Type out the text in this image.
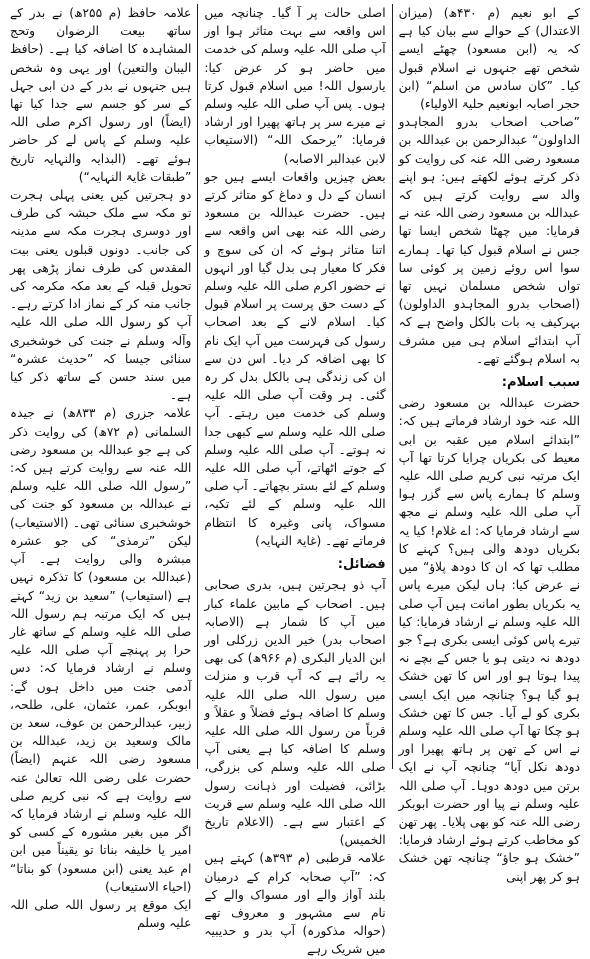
کے ابو نعیم (م ۴۳۰ھ) (میزان الاعتدال) کے حوالے سے بیان کیا ہے کہ یہ (ابن مسعود) چھٹے ایسے شخص تھے جنہوں نے اسلام قبول کیا۔ ”کان سادس من اسلم“ (ابن حجر اصابہ ابونعیم حلیۃ الاولیاء)

”صاحب اصحاب بدرو المجاہدو الداولون“ عبدالرحمن بن عبداللہ بن مسعود رضی اللہ عنہ کی روایت کو ذکر کرتے ہوئے لکھتے ہیں: ہو اپنے والد سے روایت کرتے ہیں کہ عبداللہ بن مسعود رضی اللہ عنہ نے فرمایا: میں چھٹا شخص ایسا تھا جس نے اسلام قبول کیا تھا۔ ہمارے سوا اس روئے زمین پر کوئی سا تواں شخص مسلمان نہیں تھا (اصحاب بدرو المجاہدو الداولون) بہرکیف یہ بات بالکل واضح ہے کہ آپ ابتدائے اسلام ہی میں مشرف بہ اسلام ہوگئے تھے۔

سبب اسلام:

حضرت عبداللہ بن مسعود رضی اللہ عنہ خود ارشاد فرماتے ہیں کہ: ”ابتدائے اسلام میں عقبہ بن ابی معیط کی بکریاں چرایا کرتا تھا آپ ایک مرتبہ نبی کریم صلی اللہ علیہ وسلم کا ہمارے پاس سے گزر ہوا آپ صلی اللہ علیہ وسلم نے مجھ سے ارشاد فرمایا کہ: اے غلام! کیا یہ بکریاں دودھ والی ہیں؟ کہنے کا مطلب تھا کہ ان کا دودھ پلاؤ“ میں نے عرض کیا: ہاں لیکن میرے پاس یہ بکریاں بطور امانت ہیں آپ صلی اللہ علیہ وسلم نے ارشاد فرمایا: کیا تیرے پاس کوئی ایسی بکری ہے؟ جو دودھ نہ دیتی ہو یا جس کے بچے نہ پیدا ہوتا ہو اور اس کا تھن خشک ہو گیا ہو؟ چنانچہ میں ایک ایسی بکری کو لے آیا۔ جس کا تھن خشک ہو چکا تھا آپ صلی اللہ علیہ وسلم نے اس کے تھن پر ہاتھ پھیرا اور دودھ نکل آیا“ چنانچہ آپ نے ایک برتن میں دودھ دوہا۔ آپ صلی اللہ علیہ وسلم نے پیا اور حضرت ابوبکر رضی اللہ عنہ کو بھی پلایا۔ پھر تھن کو مخاطب کرتے ہوئے ارشاد فرمایا: ”خشک ہو جاؤ“ چنانچہ تھن خشک ہو کر پھر اپنی

اصلی حالت پر آ گیا۔ چنانچہ میں اس واقعہ سے بہت متاثر ہوا اور آپ صلی اللہ علیہ وسلم کی خدمت میں حاضر ہو کر عرض کیا: یارسول اللہ! میں اسلام قبول کرتا ہوں۔ پس آپ صلی اللہ علیہ وسلم نے میرے سر پر ہاتھ پھیرا اور ارشاد فرمایا: ”یرحمک اللہ“ (الاستیعاب لابن عبدالبر الاصابہ)

بعض چیزیں واقعات ایسے ہیں جو انسان کے دل و دماغ کو متاثر کرتے ہیں۔ حضرت عبداللہ بن مسعود رضی اللہ عنہ بھی اس واقعہ سے اتنا متاثر ہوئے کہ ان کی سوچ و فکر کا معیار ہی بدل گیا اور انہوں نے حضور اکرم صلی اللہ علیہ وسلم کے دست حق پرست پر اسلام قبول کیا۔ اسلام لانے کے بعد اصحاب رسول کی فہرست میں آپ ایک نام کا بھی اضافہ کر دیا۔ اس دن سے ان کی زندگی ہی بالکل بدل کر رہ گئی۔ ہر وقت آپ صلی اللہ علیہ وسلم کی خدمت میں رہتے۔ آپ صلی اللہ علیہ وسلم سے کبھی جدا نہ ہوتے۔ آپ صلی اللہ علیہ وسلم کے جوتے اٹھاتے، آپ صلی اللہ علیہ وسلم کے لئے بستر بچھاتے۔ آپ صلی اللہ علیہ وسلم کے لئے تکیہ، مسواک، پانی وغیرہ کا انتظام فرماتے تھے۔ (غایۃ النہایہ)

فضائل:

آپ ذو ہجرتین ہیں، بدری صحابی ہیں۔ اصحاب کے مابین علماء کبار میں آپ کا شمار ہے (الاصابہ اصحاب بدر) خیر الدین زرکلی اور ابن الدیار البکری (م ۹۶۶ھ) کی بھی یہ رائے ہے کہ آپ قرب و منزلت میں رسول اللہ صلی اللہ علیہ وسلم کا اضافہ ہوئے فضلاً و عقلاً و قرباً من رسول اللہ صلی اللہ علیہ وسلم کا اضافہ کیا ہے یعنی آپ صلی اللہ علیہ وسلم کی بزرگی، بڑائی، فضیلت اور ذہانت رسول اللہ صلی اللہ علیہ وسلم سے قربت کے اعتبار سے ہے۔ (الاعلام تاریخ الخمیس)

علامہ قرطبی (م ۳۹۳ھ) کہتے ہیں کہ: ”آپ صحابہ کرام کے درمیان بلند آواز والے اور مسواک والے کے نام سے مشہور و معروف تھے (حوالہ مذکورہ) آپ بدر و حدیبیہ میں شریک رہے

علامہ حافظ (م ۲۵۵ھ) نے بدر کے ساتھ بیعت الرضوان وتحج المشاہدہ کا اضافہ کیا ہے۔ (حافظ الیبان والتعین) اور یہی وہ شخص ہیں جنہوں نے بدر کے دن ابی جہل کے سر کو جسم سے جدا کیا تھا (ایضاً) اور رسول اکرم صلی اللہ علیہ وسلم کے پاس لے کر حاضر ہوئے تھے۔ (البدایہ والنہایہ تاریخ ”طبقات غایۃ النہایہ“)

دو ہجرتیں کیں یعنی پہلی ہجرت تو مکہ سے ملک حبشہ کی طرف اور دوسری ہجرت مکہ سے مدینہ کی جانب۔ دونوں قبلوں یعنی بیت المقدس کی طرف نماز پڑھی پھر تحویل قبلہ کے بعد مکہ مکرمہ کی جانب منہ کر کے نماز ادا کرتے رہے۔ آپ کو رسول اللہ صلی اللہ علیہ وآلہ وسلم نے جنت کی خوشخبری سنائی جیسا کہ ”حدیث عشرہ“ میں سند حسن کے ساتھ ذکر کیا ہے۔

علامہ جزری (م ۸۳۳ھ) نے جیدہ السلمانی (م ۷۲ھ) کی روایت ذکر کی ہے جو عبداللہ بن مسعود رضی اللہ عنہ سے روایت کرتے ہیں کہ: ”رسول اللہ صلی اللہ علیہ وسلم نے عبداللہ بن مسعود کو جنت کی خوشخبری سنائی تھی۔ (الاستیعاب) لیکن ”ترمذی“ کی جو عشرہ مبشرہ والی روایت ہے۔ آپ (عبداللہ بن مسعود) کا تذکرہ نہیں ہے (استیعاب) ”سعید بن زید“ کہتے ہیں کہ ایک مرتبہ ہم رسول اللہ صلی اللہ علیہ وسلم کے ساتھ غار حرا پر پہنچے آپ صلی اللہ علیہ وسلم نے ارشاد فرمایا کہ: دس آدمی جنت میں داخل ہوں گے: ابوبکر، عمر، عثمان، علی، طلحہ، زبیر، عبدالرحمن بن عوف، سعد بن مالک وسعید بن زید، عبداللہ بن مسعود رضی اللہ عنہم (ایضاً) حضرت علی رضی اللہ تعالیٰ عنہ سے روایت ہے کہ نبی کریم صلی اللہ علیہ وسلم نے ارشاد فرمایا کہ اگر میں بغیر مشورہ کے کسی کو امیر یا خلیفہ بناتا تو یقیناً میں ابن ام عبد یعنی (ابن مسعود) کو بناتا“ (احیاء الاستیعاب)

ایک موقع پر رسول اللہ صلی اللہ علیہ وسلم
